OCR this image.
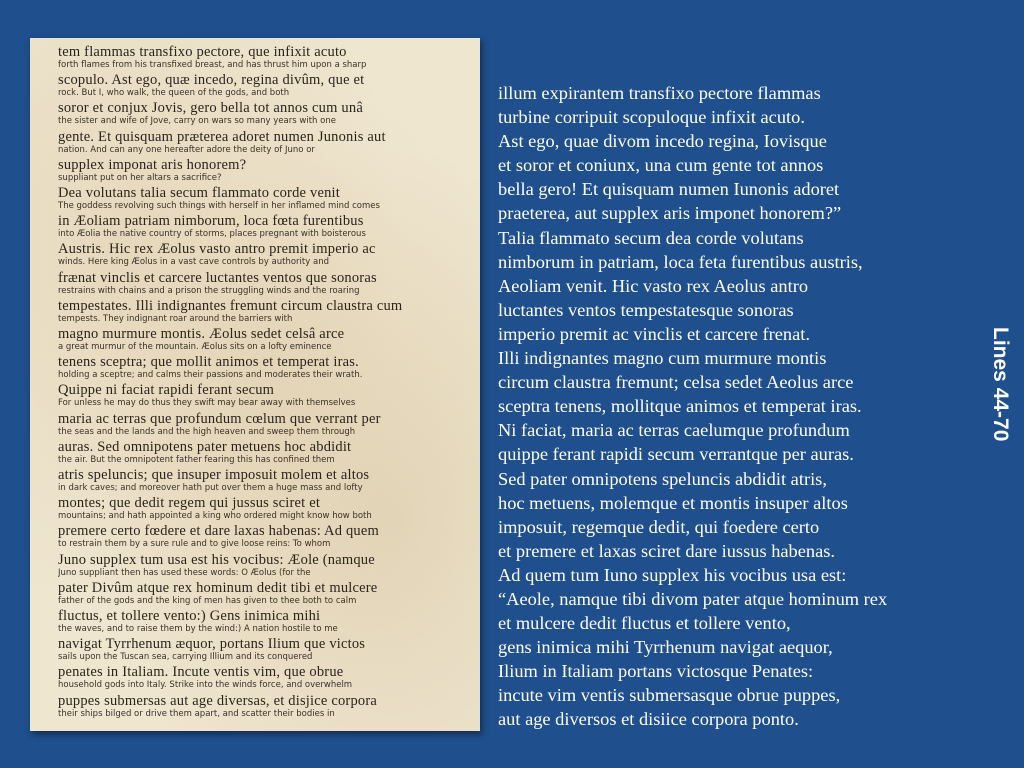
tem flammas transfixo pectore, que infixit acuto
forth flames from his transfixed breast, and has thrust him upon a sharp
scopulo. Ast ego, quæ incedo, regina divûm, que et
rock. But I, who walk, the queen of the gods, and both
soror et conjux Jovis, gero bella tot annos cum unâ
the sister and wife of Jove, carry on wars so many years with one
gente. Et quisquam præterea adoret numen Junonis aut
nation. And can any one hereafter adore the deity of Juno or
supplex imponat aris honorem?
suppliant put on her altars a sacrifice?
Dea volutans talia secum flammato corde venit
The goddess revolving such things with herself in her inflamed mind comes
in Æoliam patriam nimborum, loca fœta furentibus
into Æolia the native country of storms, places pregnant with boisterous
Austris. Hic rex Æolus vasto antro premit imperio ac
winds. Here king Æolus in a vast cave controls by authority and
frænat vinclis et carcere luctantes ventos que sonoras
restrains with chains and a prison the struggling winds and the roaring
tempestates. Illi indignantes fremunt circum claustra cum
tempests. They indignant roar around the barriers with
magno murmure montis. Æolus sedet celsâ arce
a great murmur of the mountain. Æolus sits on a lofty eminence
tenens sceptra; que mollit animos et temperat iras.
holding a sceptre; and calms their passions and moderates their wrath.
Quippe ni faciat rapidi ferant secum
For unless he may do thus they swift may bear away with themselves
maria ac terras que profundum cœlum que verrant per
the seas and the lands and the high heaven and sweep them through
auras. Sed omnipotens pater metuens hoc abdidit
the air. But the omnipotent father fearing this has confined them
atris speluncis; que insuper imposuit molem et altos
in dark caves; and moreover hath put over them a huge mass and lofty
montes; que dedit regem qui jussus sciret et
mountains; and hath appointed a king who ordered might know how both
premere certo fœdere et dare laxas habenas: Ad quem
to restrain them by a sure rule and to give loose reins: To whom
Juno supplex tum usa est his vocibus: Æole (namque
Juno suppliant then has used these words: O Æolus (for the
pater Divûm atque rex hominum dedit tibi et mulcere
father of the gods and the king of men has given to thee both to calm
fluctus, et tollere vento:) Gens inimica mihi
the waves, and to raise them by the wind:) A nation hostile to me
navigat Tyrrhenum æquor, portans Ilium que victos
sails upon the Tuscan sea, carrying Illium and its conquered
penates in Italiam. Incute ventis vim, que obrue
household gods into Italy. Strike into the winds force, and overwhelm
puppes submersas aut age diversas, et disjice corpora
their ships bilged or drive them apart, and scatter their bodies in
illum expirantem transfixo pectore flammas
turbine corripuit scopuloque infixit acuto.
Ast ego, quae divom incedo regina, Iovisque
et soror et coniunx, una cum gente tot annos
bella gero! Et quisquam numen Iunonis adoret
praeterea, aut supplex aris imponet honorem?”
Talia flammato secum dea corde volutans
nimborum in patriam, loca feta furentibus austris,
Aeoliam venit. Hic vasto rex Aeolus antro
luctantes ventos tempestatesque sonoras
imperio premit ac vinclis et carcere frenat.
Illi indignantes magno cum murmure montis
circum claustra fremunt; celsa sedet Aeolus arce
sceptra tenens, mollitque animos et temperat iras.
Ni faciat, maria ac terras caelumque profundum
quippe ferant rapidi secum verrantque per auras.
Sed pater omnipotens speluncis abdidit atris,
hoc metuens, molemque et montis insuper altos
imposuit, regemque dedit, qui foedere certo
et premere et laxas sciret dare iussus habenas.
Ad quem tum Iuno supplex his vocibus usa est:
“Aeole, namque tibi divom pater atque hominum rex
et mulcere dedit fluctus et tollere vento,
gens inimica mihi Tyrrhenum navigat aequor,
Ilium in Italiam portans victosque Penates:
incute vim ventis submersasque obrue puppes,
aut age diversos et disiice corpora ponto.
Lines 44-70
